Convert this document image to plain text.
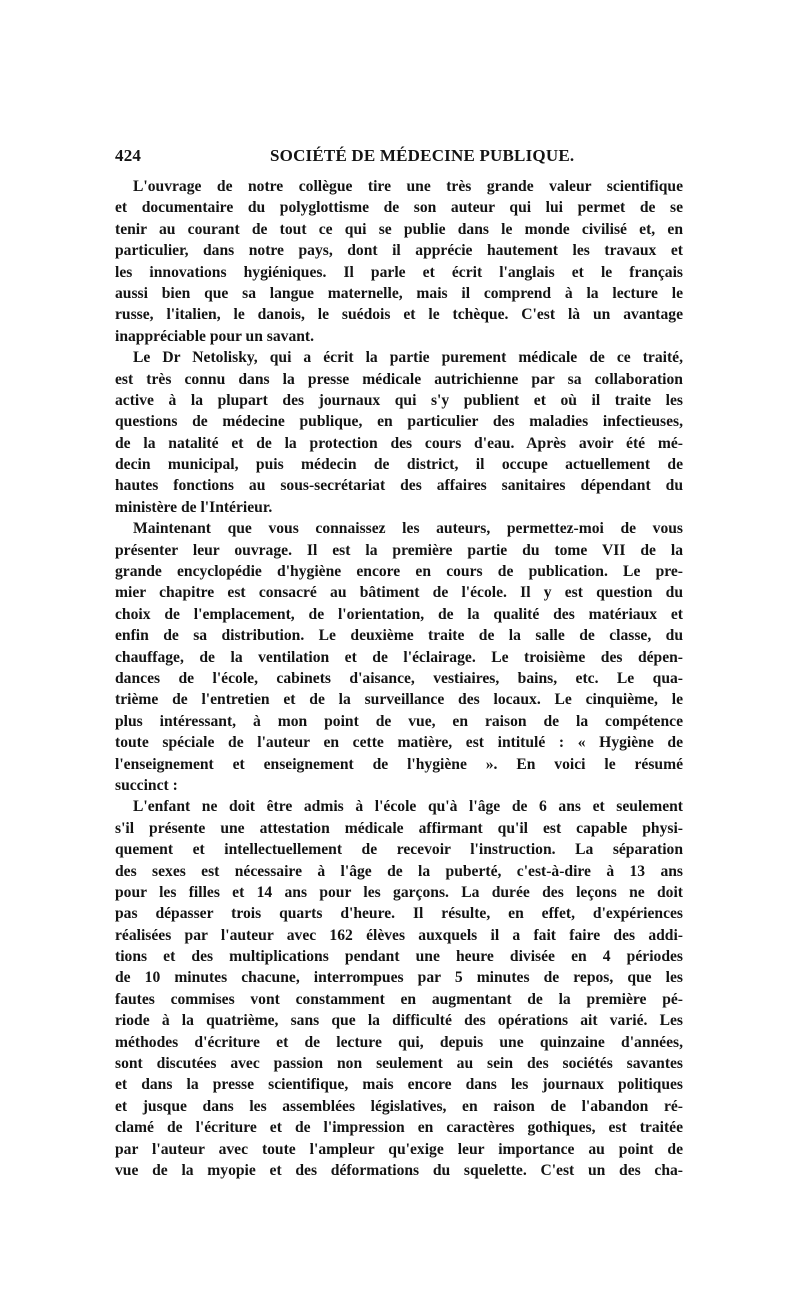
424	SOCIÉTÉ DE MÉDECINE PUBLIQUE.
L'ouvrage de notre collègue tire une très grande valeur scientifique
et documentaire du polyglottisme de son auteur qui lui permet de se
tenir au courant de tout ce qui se publie dans le monde civilisé et, en
particulier, dans notre pays, dont il apprécie hautement les travaux et
les innovations hygiéniques. Il parle et écrit l'anglais et le français
aussi bien que sa langue maternelle, mais il comprend à la lecture le
russe, l'italien, le danois, le suédois et le tchèque. C'est là un avantage
inappréciable pour un savant.
Le Dr Netolisky, qui a écrit la partie purement médicale de ce traité,
est très connu dans la presse médicale autrichienne par sa collaboration
active à la plupart des journaux qui s'y publient et où il traite les
questions de médecine publique, en particulier des maladies infectieuses,
de la natalité et de la protection des cours d'eau. Après avoir été mé-
decin municipal, puis médecin de district, il occupe actuellement de
hautes fonctions au sous-secrétariat des affaires sanitaires dépendant du
ministère de l'Intérieur.
Maintenant que vous connaissez les auteurs, permettez-moi de vous
présenter leur ouvrage. Il est la première partie du tome VII de la
grande encyclopédie d'hygiène encore en cours de publication. Le pre-
mier chapitre est consacré au bâtiment de l'école. Il y est question du
choix de l'emplacement, de l'orientation, de la qualité des matériaux et
enfin de sa distribution. Le deuxième traite de la salle de classe, du
chauffage, de la ventilation et de l'éclairage. Le troisième des dépen-
dances de l'école, cabinets d'aisance, vestiaires, bains, etc. Le qua-
trième de l'entretien et de la surveillance des locaux. Le cinquième, le
plus intéressant, à mon point de vue, en raison de la compétence
toute spéciale de l'auteur en cette matière, est intitulé : « Hygiène de
l'enseignement et enseignement de l'hygiène ». En voici le résumé
succinct :
L'enfant ne doit être admis à l'école qu'à l'âge de 6 ans et seulement
s'il présente une attestation médicale affirmant qu'il est capable physi-
quement et intellectuellement de recevoir l'instruction. La séparation
des sexes est nécessaire à l'âge de la puberté, c'est-à-dire à 13 ans
pour les filles et 14 ans pour les garçons. La durée des leçons ne doit
pas dépasser trois quarts d'heure. Il résulte, en effet, d'expériences
réalisées par l'auteur avec 162 élèves auxquels il a fait faire des addi-
tions et des multiplications pendant une heure divisée en 4 périodes
de 10 minutes chacune, interrompues par 5 minutes de repos, que les
fautes commises vont constamment en augmentant de la première pé-
riode à la quatrième, sans que la difficulté des opérations ait varié. Les
méthodes d'écriture et de lecture qui, depuis une quinzaine d'années,
sont discutées avec passion non seulement au sein des sociétés savantes
et dans la presse scientifique, mais encore dans les journaux politiques
et jusque dans les assemblées législatives, en raison de l'abandon ré-
clamé de l'écriture et de l'impression en caractères gothiques, est traitée
par l'auteur avec toute l'ampleur qu'exige leur importance au point de
vue de la myopie et des déformations du squelette. C'est un des cha-
